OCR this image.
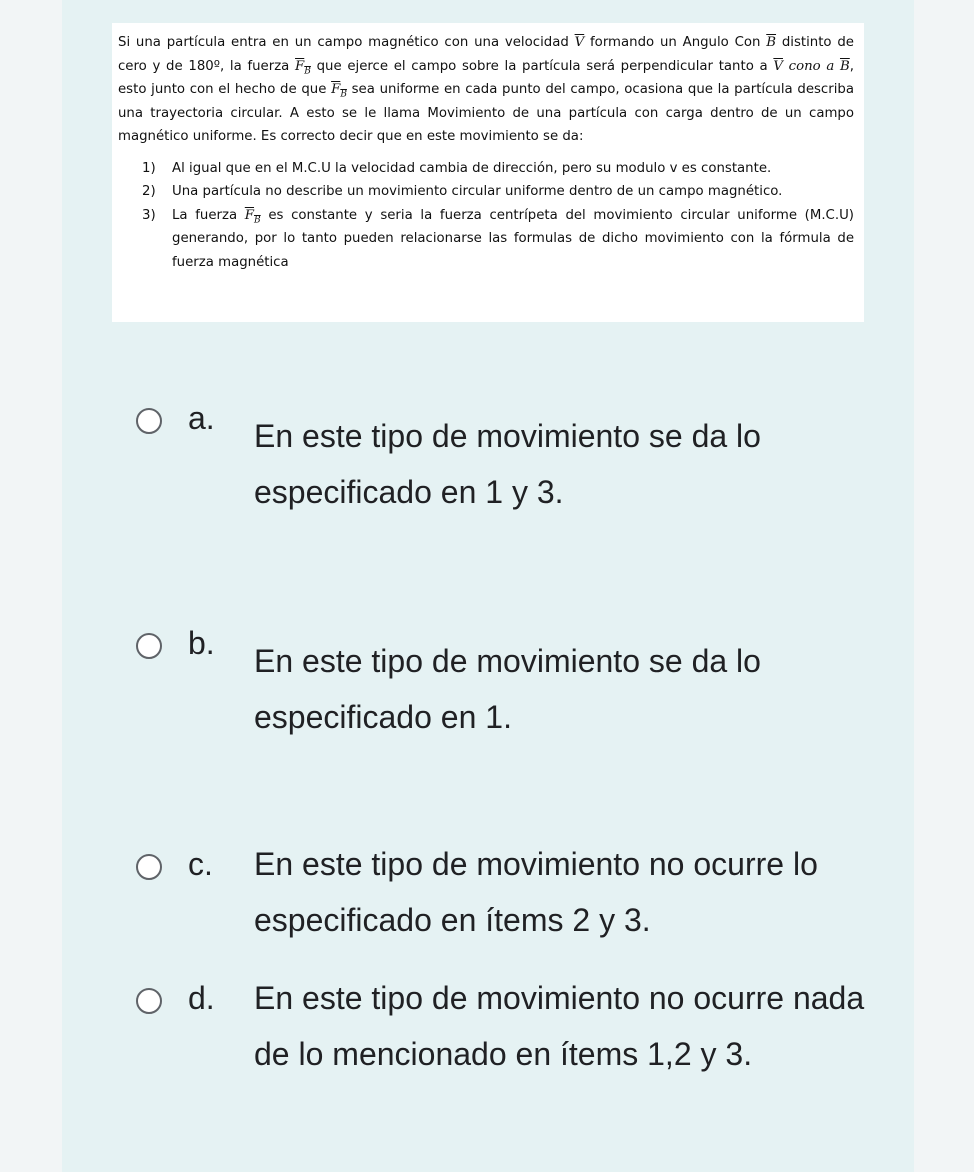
Si una partícula entra en un campo magnético con una velocidad $\overline{V}$ formando un Angulo Con $\overline{B}$ distinto de cero y de 180º, la fuerza $F_B$ que ejerce el campo sobre la partícula será perpendicular tanto a $\overline{V}$ cono a $\overline{B}$, esto junto con el hecho de que $F_B$ sea uniforme en cada punto del campo, ocasiona que la partícula describa una trayectoria circular. A esto se le llama Movimiento de una partícula con carga dentro de un campo magnético uniforme. Es correcto decir que en este movimiento se da:

1) Al igual que en el M.C.U la velocidad cambia de dirección, pero su modulo v es constante.
2) Una partícula no describe un movimiento circular uniforme dentro de un campo magnético.
3) La fuerza $F_B$ es constante y seria la fuerza centrípeta del movimiento circular uniforme (M.C.U) generando, por lo tanto pueden relacionarse las formulas de dicho movimiento con la fórmula de fuerza magnética
a. En este tipo de movimiento se da lo especificado en 1 y 3.
b. En este tipo de movimiento se da lo especificado en 1.
c. En este tipo de movimiento no ocurre lo especificado en ítems 2 y 3.
d. En este tipo de movimiento no ocurre nada de lo mencionado en ítems 1,2 y 3.
